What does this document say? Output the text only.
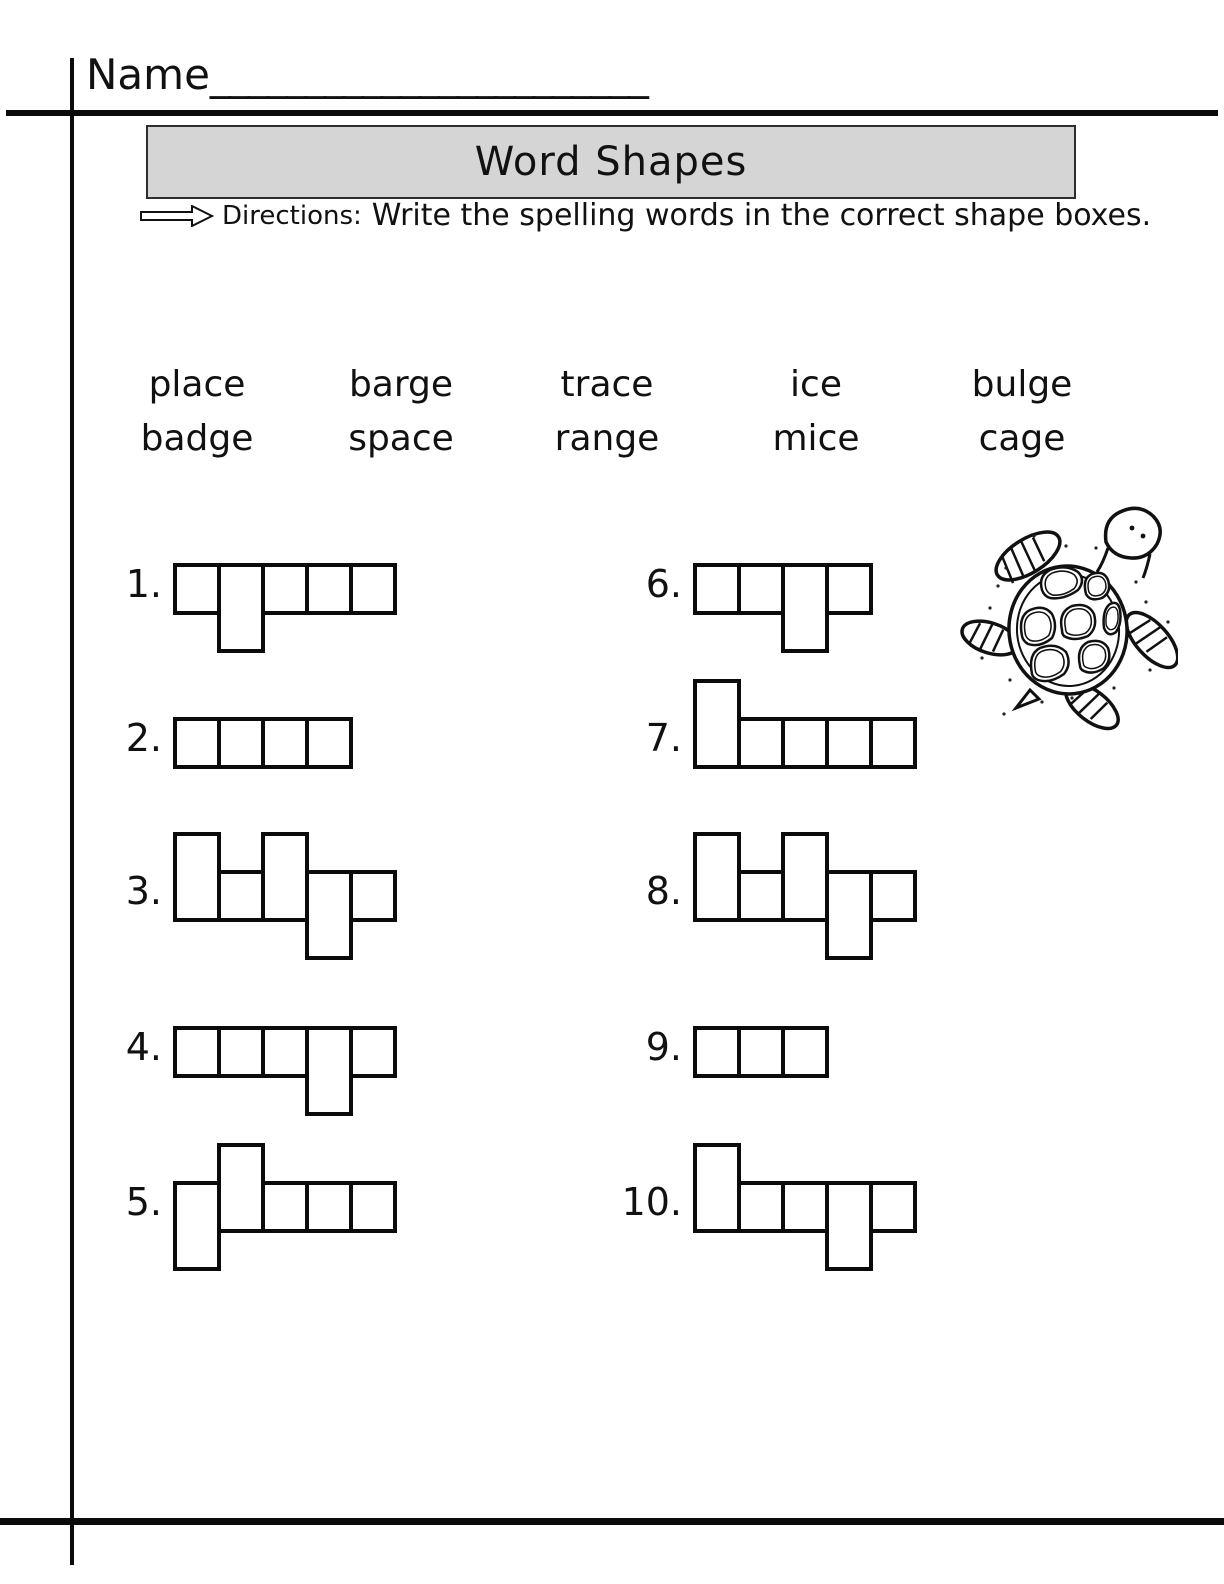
Name_______________________
Word Shapes
Directions: Write the spelling words in the correct shape boxes.
place	barge	trace	ice	bulge
badge	space	range	mice	cage
1.
2.
3.
4.
5.
6.
7.
8.
9.
10.
